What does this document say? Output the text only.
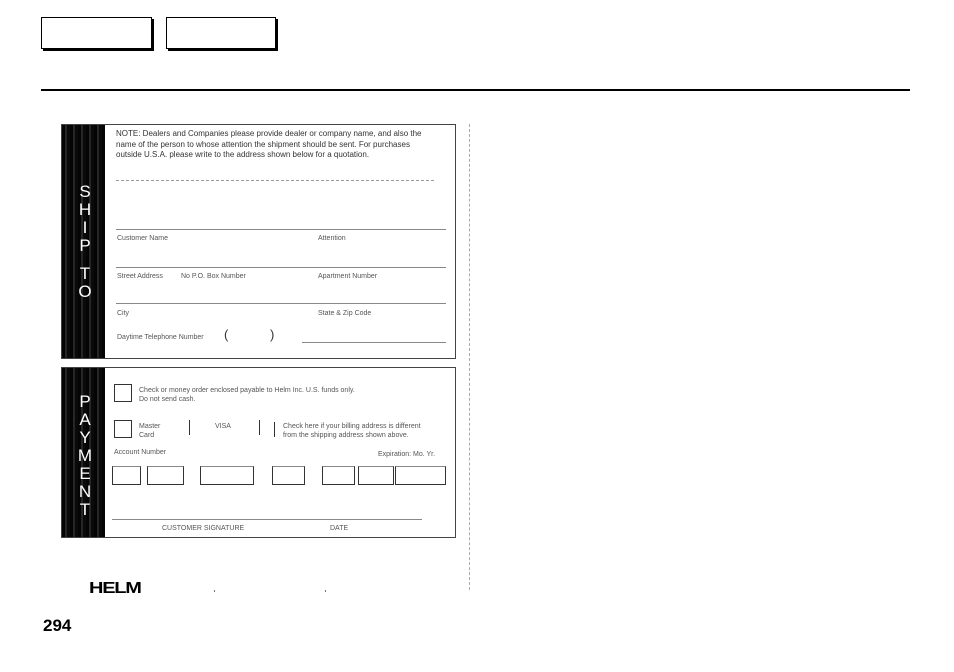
S
H
I
P
T
O
NOTE: Dealers and Companies please provide dealer or company name, and also the name of the person to whose attention the shipment should be sent. For purchases outside U.S.A. please write to the address shown below for a quotation.
Customer Name	Attention
Street Address	No P.O. Box Number	Apartment Number
City	State & Zip Code
Daytime Telephone Number (	)
P
A
Y
M
E
N
T
Check or money order enclosed payable to Helm Inc. U.S. funds only.
Do not send cash.
Master
Card
VISA	Check here if your billing address is different
from the shipping address shown above.
Account Number	Expiration: Mo. Yr.
CUSTOMER SIGNATURE	DATE
HELM
294
